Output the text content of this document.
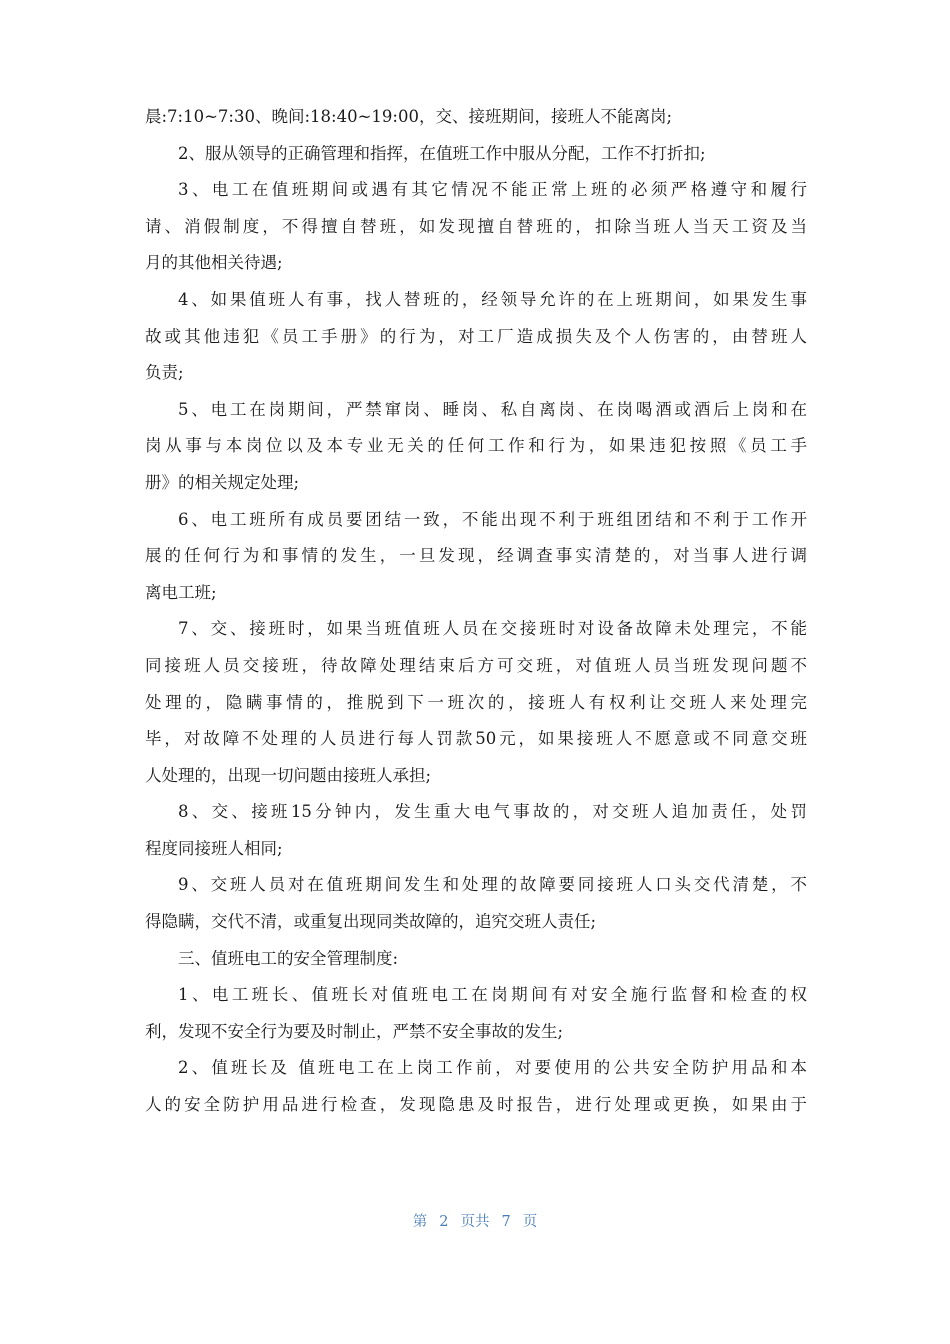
晨:7:10~7:30、晚间:18:40~19:00，交、接班期间，接班人不能离岗;
2、服从领导的正确管理和指挥，在值班工作中服从分配，工作不打折扣;
3、电工在值班期间或遇有其它情况不能正常上班的必须严格遵守和履行
请、消假制度，不得擅自替班，如发现擅自替班的，扣除当班人当天工资及当
月的其他相关待遇;
4、如果值班人有事，找人替班的，经领导允许的在上班期间，如果发生事
故或其他违犯《员工手册》的行为，对工厂造成损失及个人伤害的，由替班人
负责;
5、电工在岗期间，严禁窜岗、睡岗、私自离岗、在岗喝酒或酒后上岗和在
岗从事与本岗位以及本专业无关的任何工作和行为，如果违犯按照《员工手
册》的相关规定处理;
6、电工班所有成员要团结一致，不能出现不利于班组团结和不利于工作开
展的任何行为和事情的发生，一旦发现，经调查事实清楚的，对当事人进行调
离电工班;
7、交、接班时，如果当班值班人员在交接班时对设备故障未处理完，不能
同接班人员交接班，待故障处理结束后方可交班，对值班人员当班发现问题不
处理的，隐瞒事情的，推脱到下一班次的，接班人有权利让交班人来处理完
毕，对故障不处理的人员进行每人罚款50元，如果接班人不愿意或不同意交班
人处理的，出现一切问题由接班人承担;
8、交、接班15分钟内，发生重大电气事故的，对交班人追加责任，处罚
程度同接班人相同;
9、交班人员对在值班期间发生和处理的故障要同接班人口头交代清楚，不
得隐瞒，交代不清，或重复出现同类故障的，追究交班人责任;
三、值班电工的安全管理制度:
1、电工班长、值班长对值班电工在岗期间有对安全施行监督和检查的权
利，发现不安全行为要及时制止，严禁不安全事故的发生;
2、值班长及 值班电工在上岗工作前，对要使用的公共安全防护用品和本
人的安全防护用品进行检查，发现隐患及时报告，进行处理或更换，如果由于
第 2 页共 7 页
